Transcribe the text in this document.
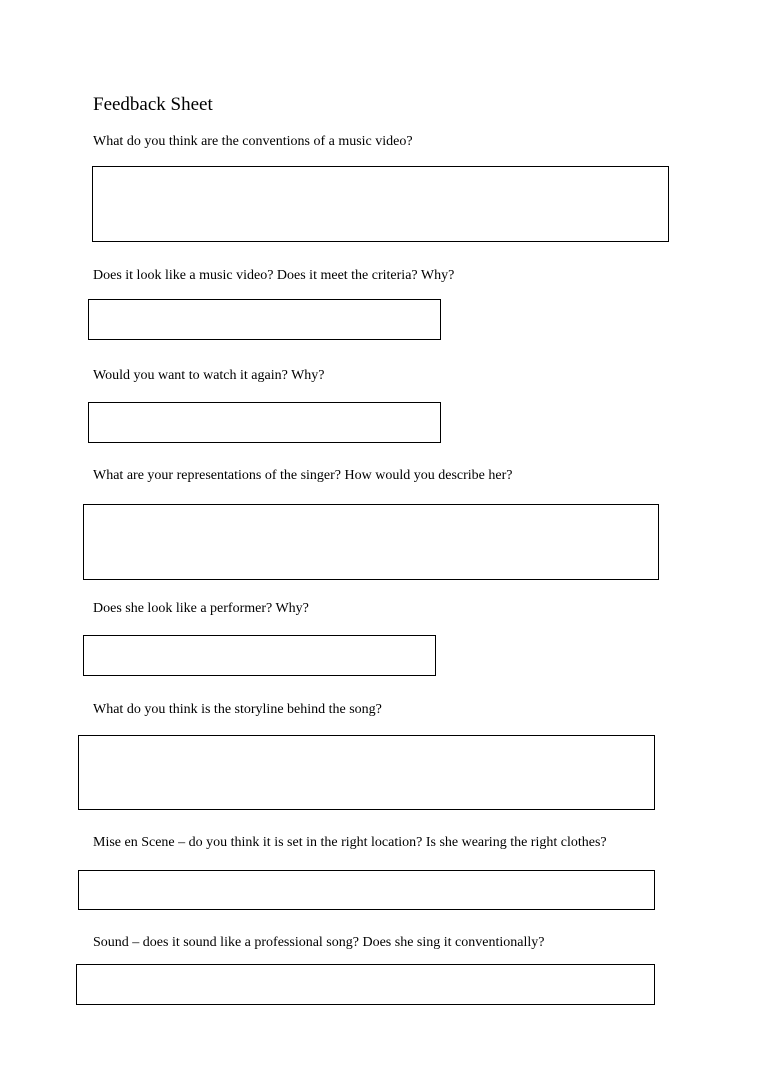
Feedback Sheet
What do you think are the conventions of a music video?
Does it look like a music video? Does it meet the criteria? Why?
Would you want to watch it again? Why?
What are your representations of the singer? How would you describe her?
Does she look like a performer? Why?
What do you think is the storyline behind the song?
Mise en Scene – do you think it is set in the right location? Is she wearing the right clothes?
Sound – does it sound like a professional song? Does she sing it conventionally?
